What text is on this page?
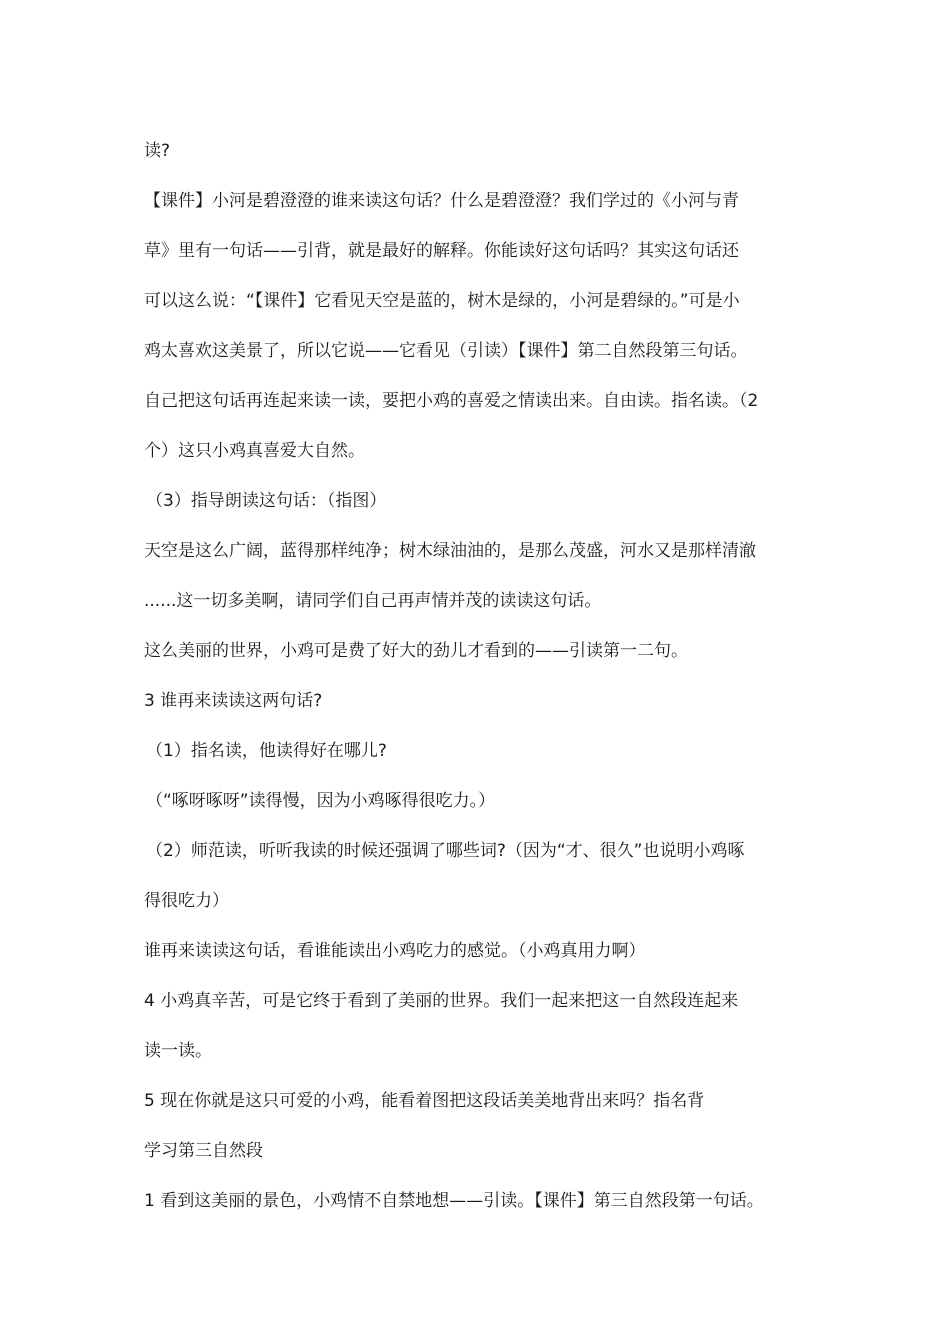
读?
【课件】小河是碧澄澄的谁来读这句话？什么是碧澄澄？我们学过的《小河与青
草》里有一句话——引背，就是最好的解释。你能读好这句话吗？其实这句话还
可以这么说：“【课件】它看见天空是蓝的，树木是绿的，小河是碧绿的。”可是小
鸡太喜欢这美景了，所以它说——它看见（引读）【课件】第二自然段第三句话。
自己把这句话再连起来读一读，要把小鸡的喜爱之情读出来。自由读。指名读。（2
个）这只小鸡真喜爱大自然。
（3）指导朗读这句话：（指图）
天空是这么广阔，蓝得那样纯净；树木绿油油的，是那么茂盛，河水又是那样清澈
......这一切多美啊，请同学们自己再声情并茂的读读这句话。
这么美丽的世界，小鸡可是费了好大的劲儿才看到的——引读第一二句。
3 谁再来读读这两句话?
（1）指名读，他读得好在哪儿?
（“啄呀啄呀”读得慢，因为小鸡啄得很吃力。）
（2）师范读，听听我读的时候还强调了哪些词?（因为“才、很久”也说明小鸡啄
得很吃力）
谁再来读读这句话，看谁能读出小鸡吃力的感觉。（小鸡真用力啊）
4 小鸡真辛苦，可是它终于看到了美丽的世界。我们一起来把这一自然段连起来
读一读。
5 现在你就是这只可爱的小鸡，能看着图把这段话美美地背出来吗？指名背
学习第三自然段
1 看到这美丽的景色，小鸡情不自禁地想——引读。【课件】第三自然段第一句话。
